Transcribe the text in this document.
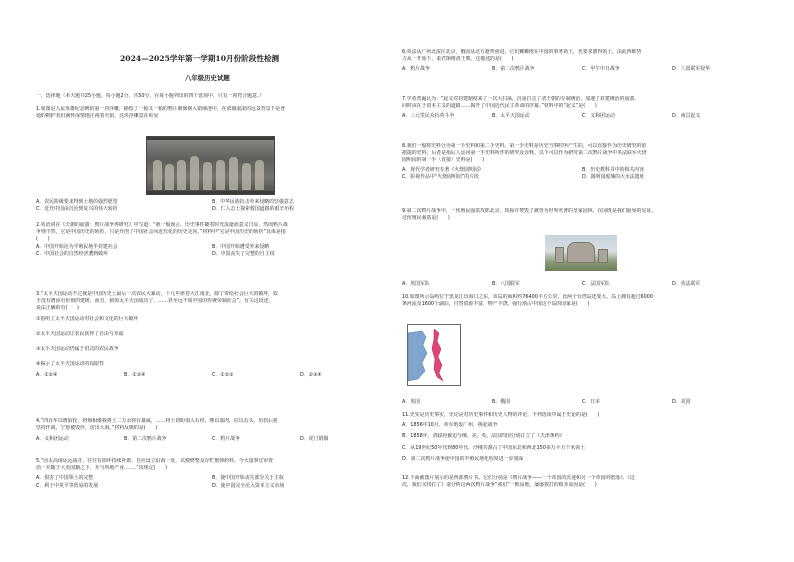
2024—2025学年第一学期10月份阶段性检测
八年级历史试题
一、选择题（本大题共25小题，每小题2分，共50分，在每小题列出的四个选项中，只有一项符合题意。）
1.如图是人民英雄纪念碑的第一块浮雕，描绘了一箱又一箱的鸦片被倾倒入销烟池中，在浓烟滚滚的远景背景下是普
通的拥护者们满怀深情地注视着火焰。这块浮雕意在彰显
A．农民阶级要求得到土地的强烈愿望	B．中华民族抗击外来侵略的坚强意志
C．近代中国由沉沦到复兴的伟大转折	D．仁人志士探索救国道路的艰辛历程
2.英语词在《天朝的崩溃：鸦片战争再研究》中写道：“就一般而言，历史事件随着时光流逝而意义日显，然而鸦片战
争则不然，它是中国历史的转折，只是开创了中国社会向近代化的历史走向。”材料中“它是中国历史的转折”具体是指
(　　)
A．中国开始沦为半殖民地半封建社会	B．中国开始遭受外来侵略
C．中国社会的自然经济遭到破坏	D．中国丧失了完整的自主权
3.“太平天国运动不过就是中国历史上最后一次农民大暴动，十几年席卷大江南北，除了带给社会巨大的破坏，似
乎没有增添有价值的建树，而且，假如太平天国成功了，……甚至远不如中国的传统帝制社会”。有关这段述，
说法正确的有(　　)
①指明了太平天国运动对社会和文化的巨大破坏
②太平天国运动让农民获得了自由与幸福
③太平天国运动仍属于旧式的农民战争
④揭示了太平天国运动的局限性
A．①②④	B．①③④	C．①②③	D．②③④
4.“四百年以增前轮，将侮相像我将土二万余将在幕威，……将士切盼加入石经、继以血肉，拉以石头，负伤后犹
坚持作战，宁愿被毁俘，送出大海。”材料反映的是(　　)
A．义和团运动	B．第二次鸦片战争	C．鸦片战争	D．虎门销烟
5.“因太高南运远战并，往往有损坏持续补助，自应设立沿海一处，以便修整及存贮炮弹药料。今大量事宜审查
消一并随于大英国籍之下，并与所地产业……。”该规定(　　)
A．损害了中国领土的完整	B．使中国开始丧失部分关于主权
C．利于中英平等贸易的发展	D．使中国完全沦入资本主义市场
6.英法从广州北流往北京，俄国从北方趁势而进，它们狮狮地在中国的事务领土，也要求割得领土，由此西欧势
力从一开始下，柔君饷维清王朝。这描述的是(　　)
A．鸦片战争	B．第二次鸦片战争	C．甲午中日战争	D．八国联军侵华
7.学者普遍认为：“起义对封建制度来了一次大扫荡，沉重打击了清王朝的专制统治，加速了封建统治的崩溃。
同时该在于资本主义的道路……揭开了中国近代民主革命的序幕。”材料中的“起义”是(　　)
A．三元里民众抗英斗争	B．太平天国运动	C．义和团运动	D．南昌起义
8.我们一般将史料分为第一手史料和第二手史料。第一手史料是历史当事时所产生的，可以直接作为历史研究的依
据提的史料，后者是指后人运用第一手史料所作的研究及诠释。以下可以作为研究第二次鸦片战争中英法联军火烧
圆明园的第一手（直接）史料是(　　)
A．现代学者研究专著《火烧圆明园》	B．历史教科书中的相关内容
C．影视作品中“火烧圆明园”的片段	D．圆明园废墟的大水法遗址
9.第二次鸦片战争中，一伙殖民强盗攻陷北京，劫掠并焚毁了被誉为世界名著的皇家园林，在园既是我们耻辱的见证。
这伙殖民强盗是(　　)
A．英国军队	B．八国联军	C．法国军队	D．英法联军
10.如图所示岛屿位于黑龙江出海口之东，该岛的面积约76400平方公里，比两个台湾岛还要大。岛上拥有超过6000
条河流及1600个湖泊，自然资源丰富，物产丰饶。强行割占中国这个岛的国家是(　　)
A．英国	B．俄国	C．日本	D．美国
11.史实是历史事实，史论是对历史事件和历史人物的评论。下列选项中属于史论的是(　　)
A．1856年10月，英军炮轰广州，挑起战争
B．1858年，清政府被迫与俄、美、英、法国四国分别订立了《天津条约》
C．从19世纪50年代到80年代，沙俄共割占了中国东北和西北150多万平方千米领土
D．第二次鸦片战争使中国的半殖民地化程度进一步加深
12.下面截图片展示的是西部鸦片书。它们分别是《鸦片战争——一个帝国的沉迷和另一个帝国的堕落》、《这
次，我们又找打了》请分析这两次鸦片战争“我们”一败涂地，屡屡挨打的根本原因是(　　)
